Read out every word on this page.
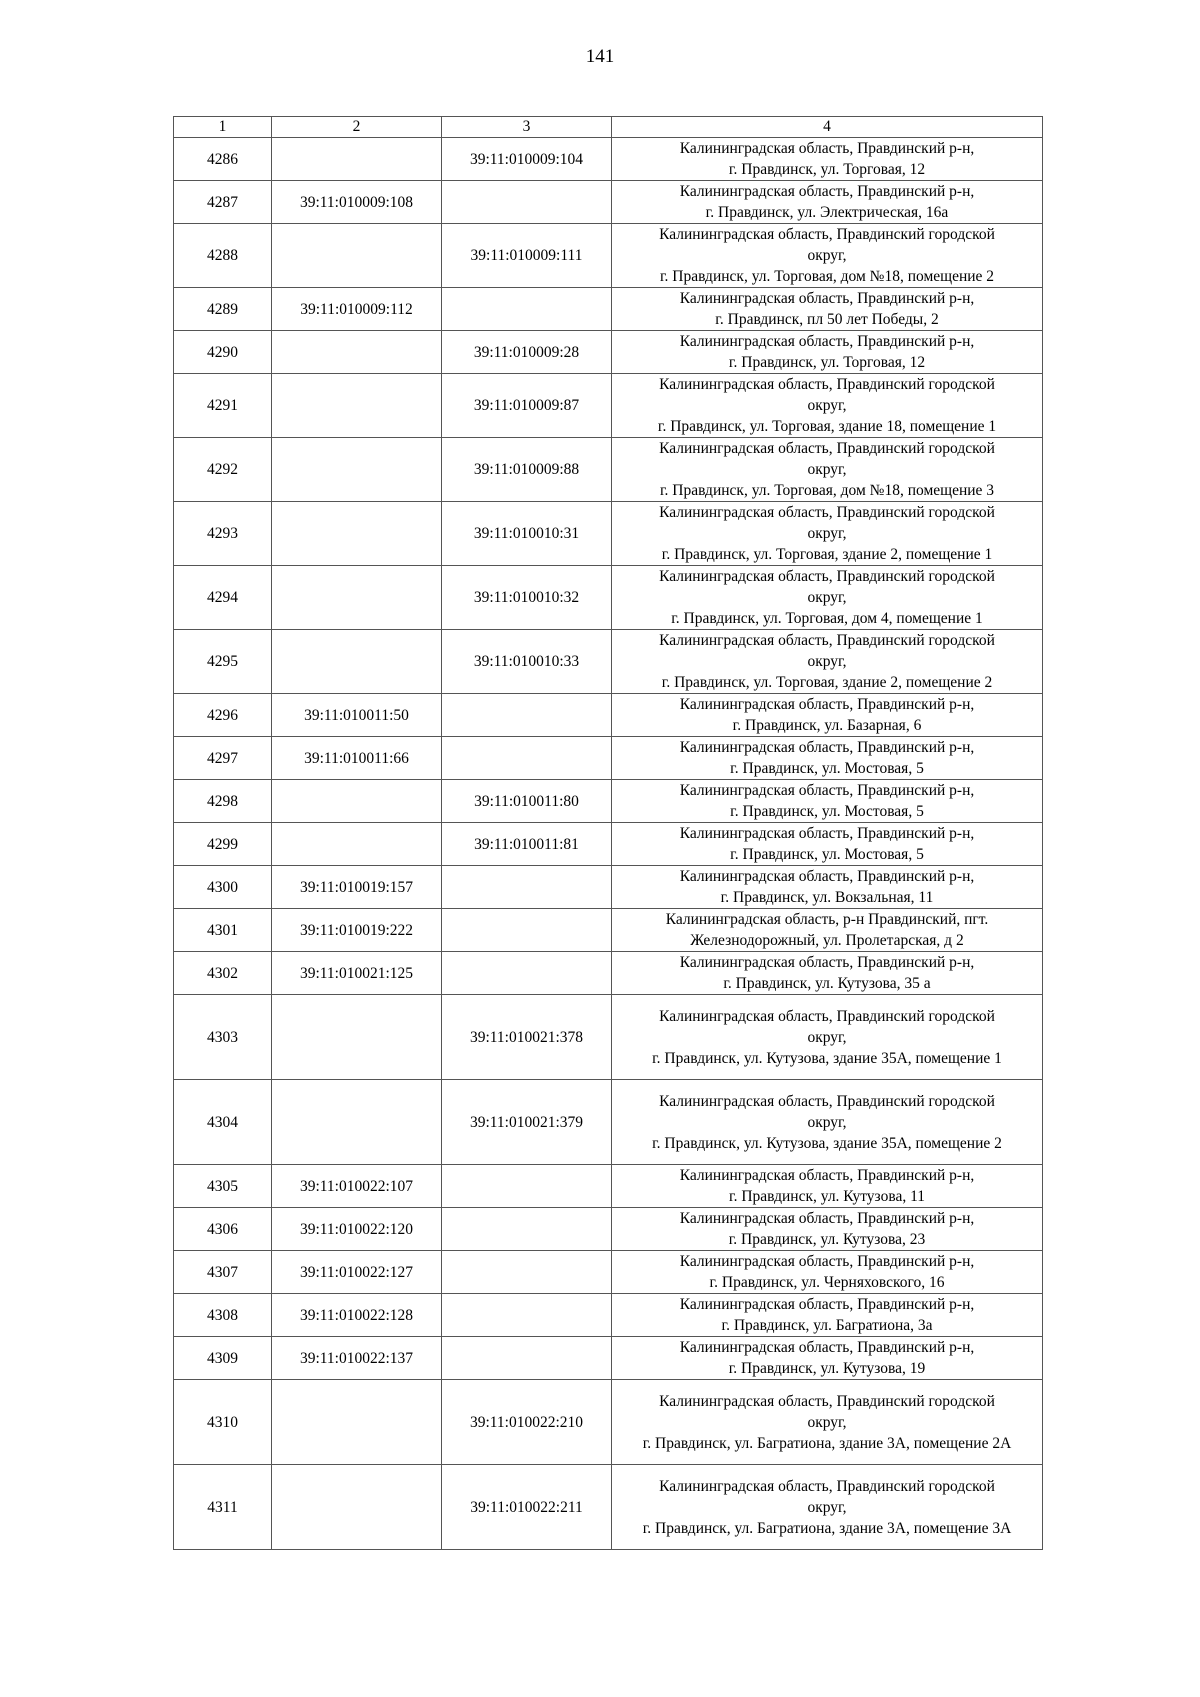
141
1	2	3	4
4286		39:11:010009:104	Калининградская область, Правдинский р-н,
г. Правдинск, ул. Торговая, 12

4287	39:11:010009:108		Калининградская область, Правдинский р-н,
г. Правдинск, ул. Электрическая, 16а

4288		39:11:010009:111	Калининградская область, Правдинский городской
округ,
г. Правдинск, ул. Торговая, дом №18, помещение 2

4289	39:11:010009:112		Калининградская область, Правдинский р-н,
г. Правдинск, пл 50 лет Победы, 2

4290		39:11:010009:28	Калининградская область, Правдинский р-н,
г. Правдинск, ул. Торговая, 12

4291		39:11:010009:87	Калининградская область, Правдинский городской
округ,
г. Правдинск, ул. Торговая, здание 18, помещение 1

4292		39:11:010009:88	Калининградская область, Правдинский городской
округ,
г. Правдинск, ул. Торговая, дом №18, помещение 3

4293		39:11:010010:31	Калининградская область, Правдинский городской
округ,
г. Правдинск, ул. Торговая, здание 2, помещение 1

4294		39:11:010010:32	Калининградская область, Правдинский городской
округ,
г. Правдинск, ул. Торговая, дом 4, помещение 1

4295		39:11:010010:33	Калининградская область, Правдинский городской
округ,
г. Правдинск, ул. Торговая, здание 2, помещение 2

4296	39:11:010011:50		Калининградская область, Правдинский р-н,
г. Правдинск, ул. Базарная, 6

4297	39:11:010011:66		Калининградская область, Правдинский р-н,
г. Правдинск, ул. Мостовая, 5

4298		39:11:010011:80	Калининградская область, Правдинский р-н,
г. Правдинск, ул. Мостовая, 5

4299		39:11:010011:81	Калининградская область, Правдинский р-н,
г. Правдинск, ул. Мостовая, 5

4300	39:11:010019:157		Калининградская область, Правдинский р-н,
г. Правдинск, ул. Вокзальная, 11

4301	39:11:010019:222		Калининградская область, р-н Правдинский, пгт.
Железнодорожный, ул. Пролетарская, д 2

4302	39:11:010021:125		Калининградская область, Правдинский р-н,
г. Правдинск, ул. Кутузова, 35 а

4303		39:11:010021:378	Калининградская область, Правдинский городской
округ,
г. Правдинск, ул. Кутузова, здание 35А, помещение 1

4304		39:11:010021:379	Калининградская область, Правдинский городской
округ,
г. Правдинск, ул. Кутузова, здание 35А, помещение 2

4305	39:11:010022:107		Калининградская область, Правдинский р-н,
г. Правдинск, ул. Кутузова, 11

4306	39:11:010022:120		Калининградская область, Правдинский р-н,
г. Правдинск, ул. Кутузова, 23

4307	39:11:010022:127		Калининградская область, Правдинский р-н,
г. Правдинск, ул. Черняховского, 16

4308	39:11:010022:128		Калининградская область, Правдинский р-н,
г. Правдинск, ул. Багратиона, 3а

4309	39:11:010022:137		Калининградская область, Правдинский р-н,
г. Правдинск, ул. Кутузова, 19

4310		39:11:010022:210	Калининградская область, Правдинский городской
округ,
г. Правдинск, ул. Багратиона, здание 3А, помещение 2А

4311		39:11:010022:211	Калининградская область, Правдинский городской
округ,
г. Правдинск, ул. Багратиона, здание 3А, помещение 3А
